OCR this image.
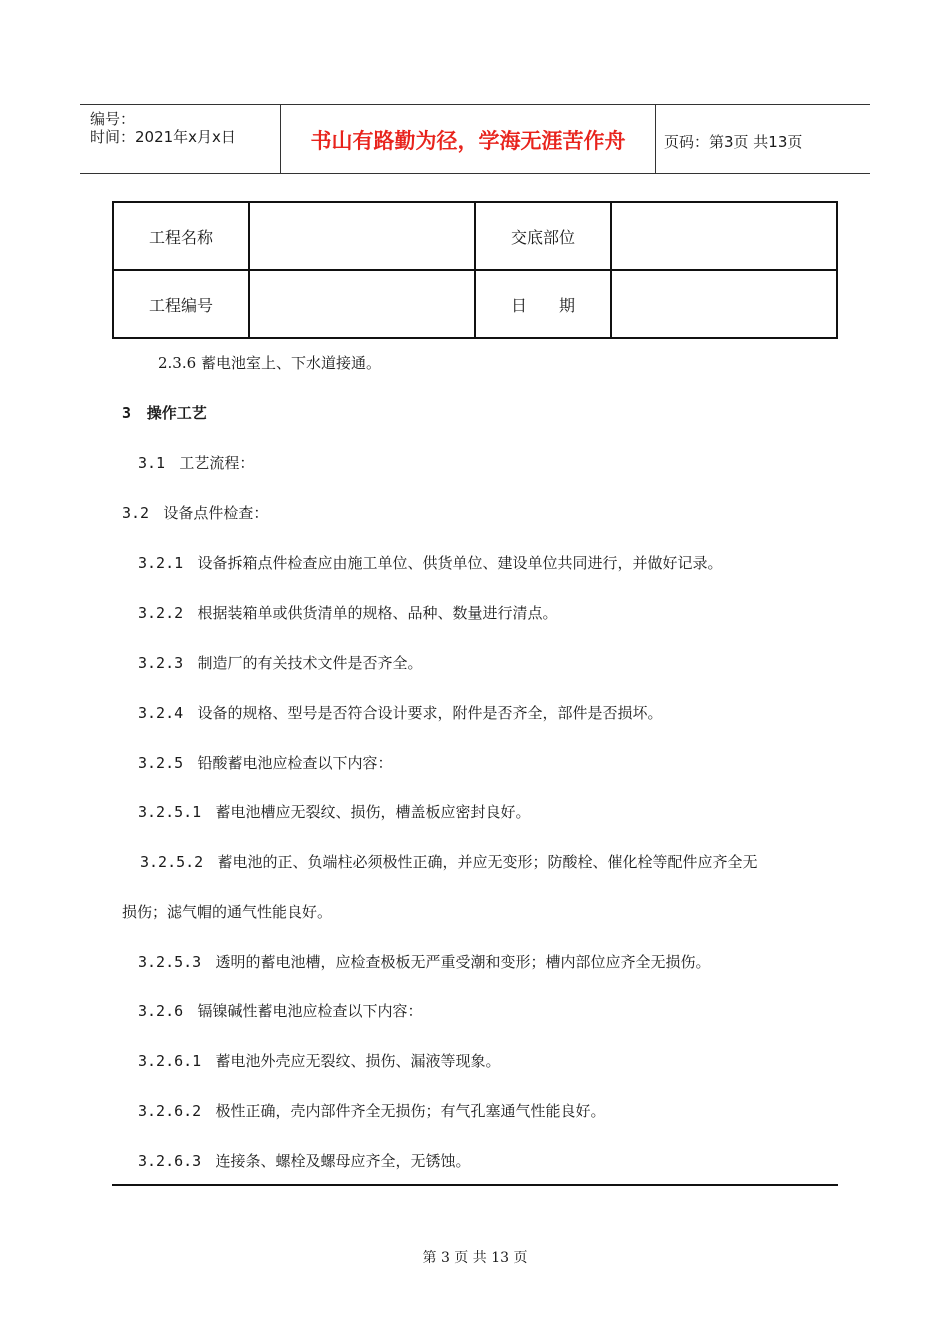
编号：
时间：2021年x月x日	书山有路勤为径，学海无涯苦作舟	页码：第3页 共13页
工程名称		交底部位	
工程编号		日　　期	
2.3.6 蓄电池室上、下水道接通。
3 操作工艺
3.1 工艺流程：
3.2 设备点件检查：
3.2.1 设备拆箱点件检查应由施工单位、供货单位、建设单位共同进行，并做好记录。
3.2.2 根据装箱单或供货清单的规格、品种、数量进行清点。
3.2.3 制造厂的有关技术文件是否齐全。
3.2.4 设备的规格、型号是否符合设计要求，附件是否齐全，部件是否损坏。
3.2.5 铅酸蓄电池应检查以下内容：
3.2.5.1 蓄电池槽应无裂纹、损伤，槽盖板应密封良好。
3.2.5.2 蓄电池的正、负端柱必须极性正确，并应无变形；防酸栓、催化栓等配件应齐全无
损伤；滤气帽的通气性能良好。
3.2.5.3 透明的蓄电池槽，应检查极板无严重受潮和变形；槽内部位应齐全无损伤。
3.2.6 镉镍碱性蓄电池应检查以下内容：
3.2.6.1 蓄电池外壳应无裂纹、损伤、漏液等现象。
3.2.6.2 极性正确，壳内部件齐全无损伤；有气孔塞通气性能良好。
3.2.6.3 连接条、螺栓及螺母应齐全，无锈蚀。
第 3 页 共 13 页
